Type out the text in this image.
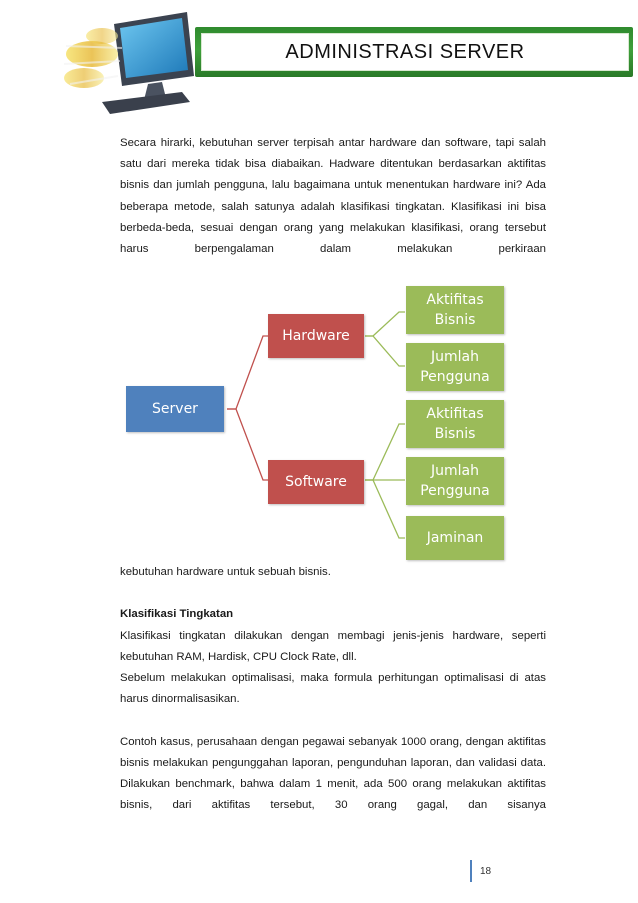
ADMINISTRASI SERVER

Secara hirarki, kebutuhan server terpisah antar hardware dan software, tapi salah satu dari mereka tidak bisa diabaikan. Hadware ditentukan berdasarkan aktifitas bisnis dan jumlah pengguna, lalu bagaimana untuk menentukan hardware ini? Ada beberapa metode, salah satunya adalah klasifikasi tingkatan. Klasifikasi ini bisa berbeda-beda, sesuai dengan orang yang melakukan klasifikasi, orang tersebut harus berpengalaman dalam melakukan perkiraan

Server
Hardware
Software
Aktifitas Bisnis
Jumlah Pengguna
Aktifitas Bisnis
Jumlah Pengguna
Jaminan

kebutuhan hardware untuk sebuah bisnis.

Klasifikasi Tingkatan

Klasifikasi tingkatan dilakukan dengan membagi jenis-jenis hardware, seperti kebutuhan RAM, Hardisk, CPU Clock Rate, dll.

Sebelum melakukan optimalisasi, maka formula perhitungan optimalisasi di atas harus dinormalisasikan.

Contoh kasus, perusahaan dengan pegawai sebanyak 1000 orang, dengan aktifitas bisnis melakukan pengunggahan laporan, pengunduhan laporan, dan validasi data. Dilakukan benchmark, bahwa dalam 1 menit, ada 500 orang melakukan aktifitas bisnis, dari aktifitas tersebut, 30 orang gagal, dan sisanya

18
